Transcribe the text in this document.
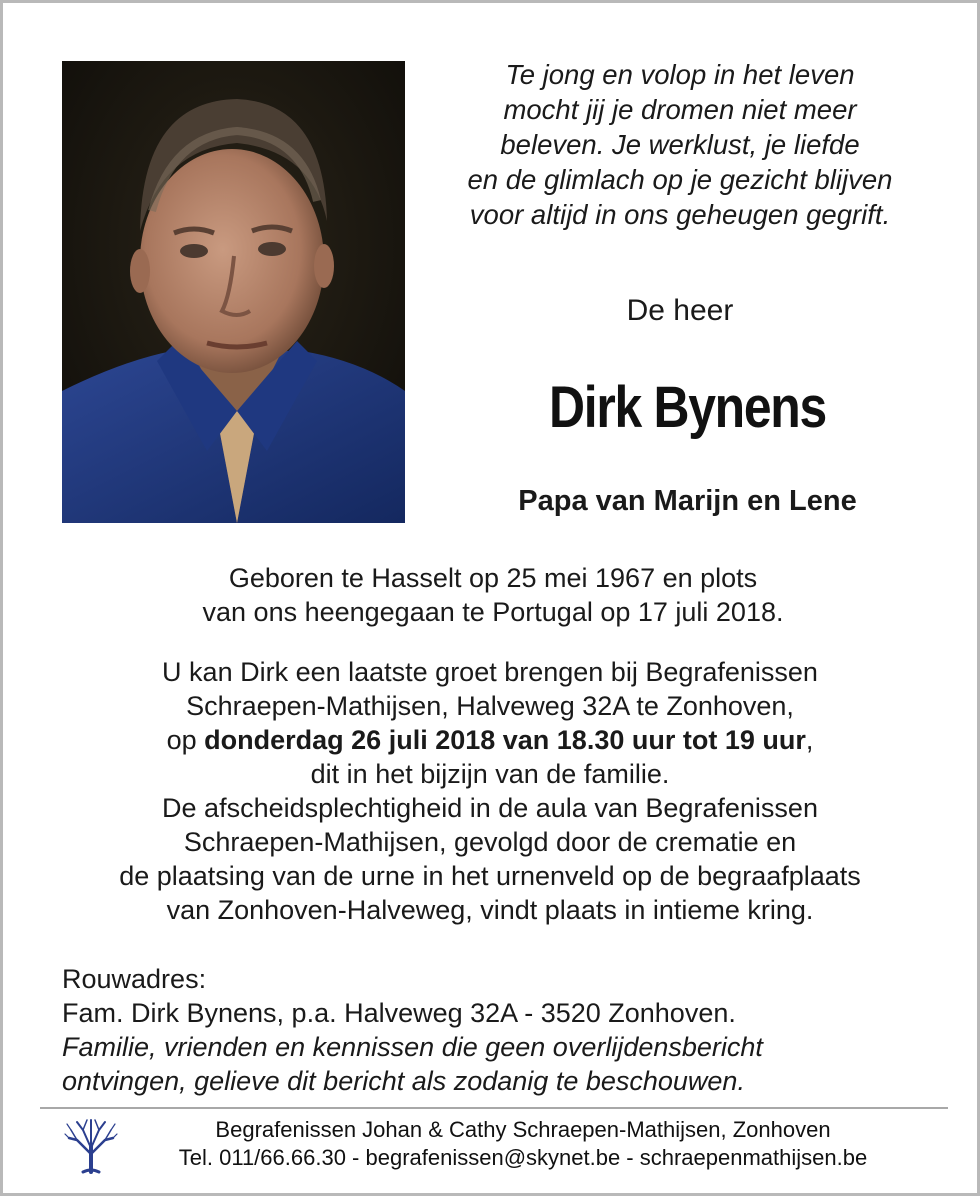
Te jong en volop in het leven
mocht jij je dromen niet meer
beleven. Je werklust, je liefde
en de glimlach op je gezicht blijven
voor altijd in ons geheugen gegrift.
De heer
Dirk Bynens
Papa van Marijn en Lene
Geboren te Hasselt op 25 mei 1967 en plots
van ons heengegaan te Portugal op 17 juli 2018.
U kan Dirk een laatste groet brengen bij Begrafenissen
Schraepen-Mathijsen, Halveweg 32A te Zonhoven,
op donderdag 26 juli 2018 van 18.30 uur tot 19 uur,
dit in het bijzijn van de familie.
De afscheidsplechtigheid in de aula van Begrafenissen
Schraepen-Mathijsen, gevolgd door de crematie en
de plaatsing van de urne in het urnenveld op de begraafplaats
van Zonhoven-Halveweg, vindt plaats in intieme kring.
Rouwadres:
Fam. Dirk Bynens, p.a. Halveweg 32A - 3520 Zonhoven.
Familie, vrienden en kennissen die geen overlijdensbericht
ontvingen, gelieve dit bericht als zodanig te beschouwen.
Begrafenissen Johan & Cathy Schraepen-Mathijsen, Zonhoven
Tel. 011/66.66.30 - begrafenissen@skynet.be - schraepenmathijsen.be
